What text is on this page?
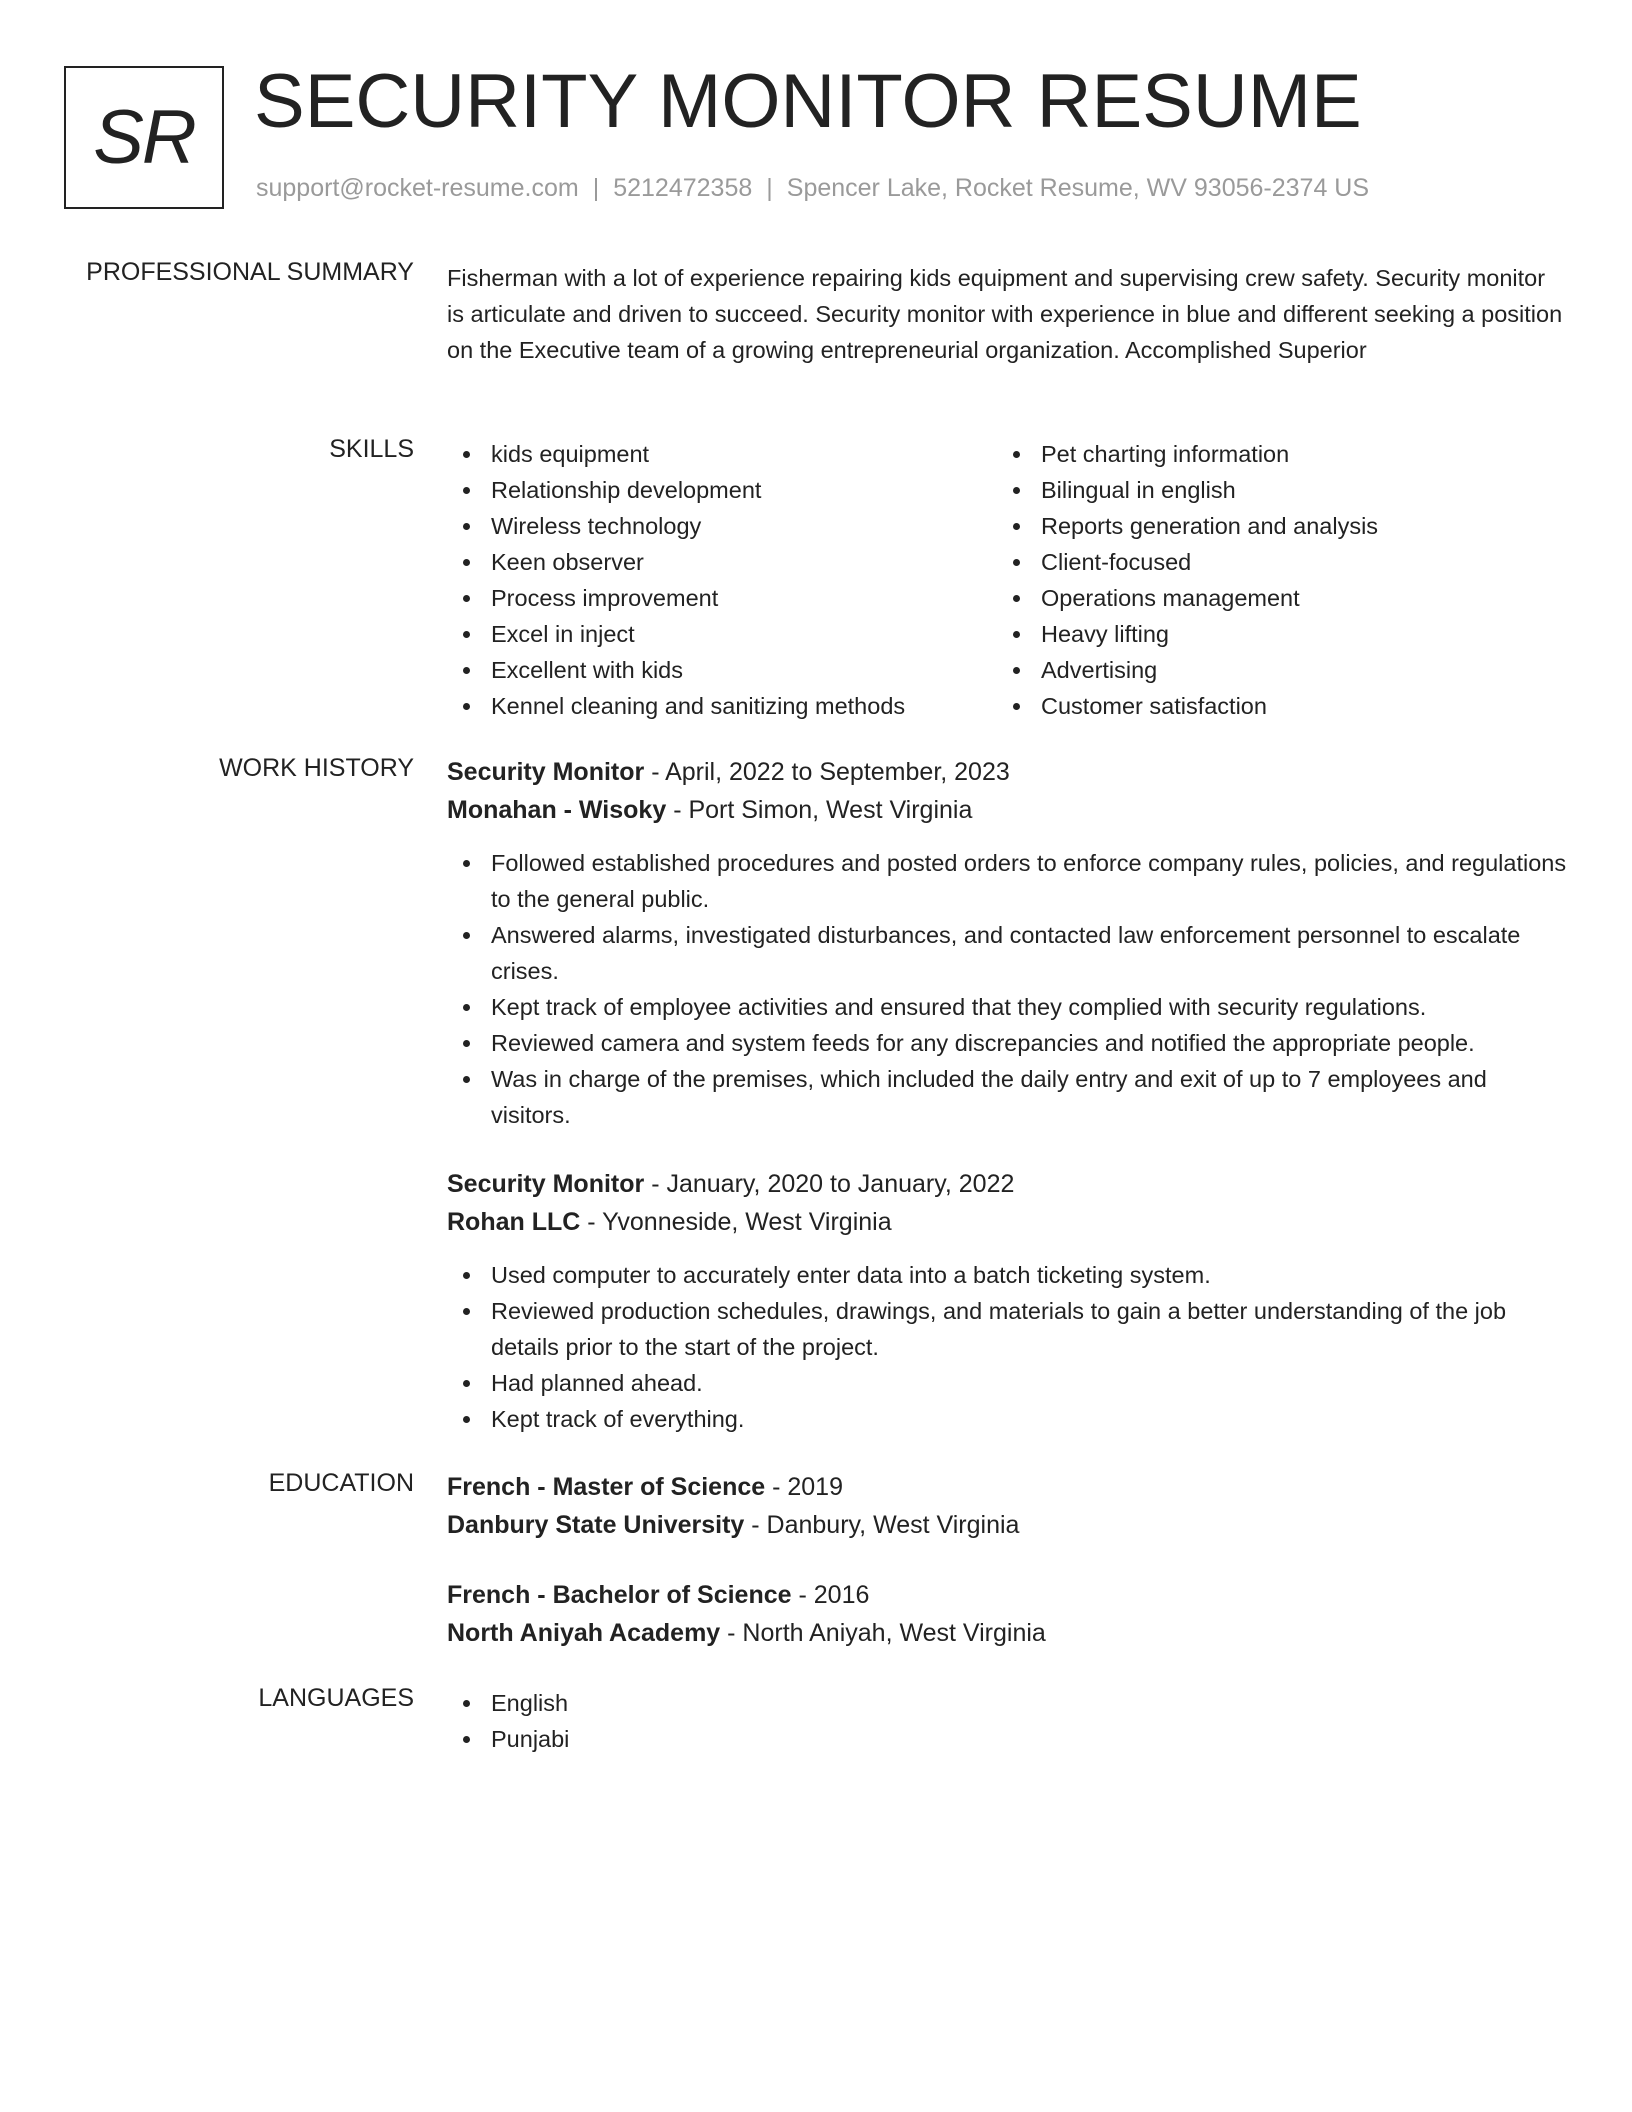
SR SECURITY MONITOR RESUME
support@rocket-resume.com | 5212472358 | Spencer Lake, Rocket Resume, WV 93056-2374 US
PROFESSIONAL SUMMARY Fisherman with a lot of experience repairing kids equipment and supervising crew safety. Security monitor is articulate and driven to succeed. Security monitor with experience in blue and different seeking a position on the Executive team of a growing entrepreneurial organization. Accomplished Superior

SKILLS	kids equipment
Relationship development
Wireless technology
Keen observer
Process improvement
Excel in inject
Excellent with kids
Kennel cleaning and sanitizing methods
Pet charting information
Bilingual in english
Reports generation and analysis
Client-focused
Operations management
Heavy lifting
Advertising
Customer satisfaction
WORK HISTORY Security Monitor - April, 2022 to September, 2023
Monahan - Wisoky - Port Simon, West Virginia
Followed established procedures and posted orders to enforce company rules, policies, and regulations to the general public.
Answered alarms, investigated disturbances, and contacted law enforcement personnel to escalate crises.
Kept track of employee activities and ensured that they complied with security regulations.
Reviewed camera and system feeds for any discrepancies and notified the appropriate people.
Was in charge of the premises, which included the daily entry and exit of up to 7 employees and visitors.
Security Monitor - January, 2020 to January, 2022
Rohan LLC - Yvonneside, West Virginia
Used computer to accurately enter data into a batch ticketing system.
Reviewed production schedules, drawings, and materials to gain a better understanding of the job details prior to the start of the project.
Had planned ahead.
Kept track of everything.
EDUCATION French - Master of Science - 2019
Danbury State University - Danbury, West Virginia
French - Bachelor of Science - 2016
North Aniyah Academy - North Aniyah, West Virginia
LANGUAGES	English
Punjabi
